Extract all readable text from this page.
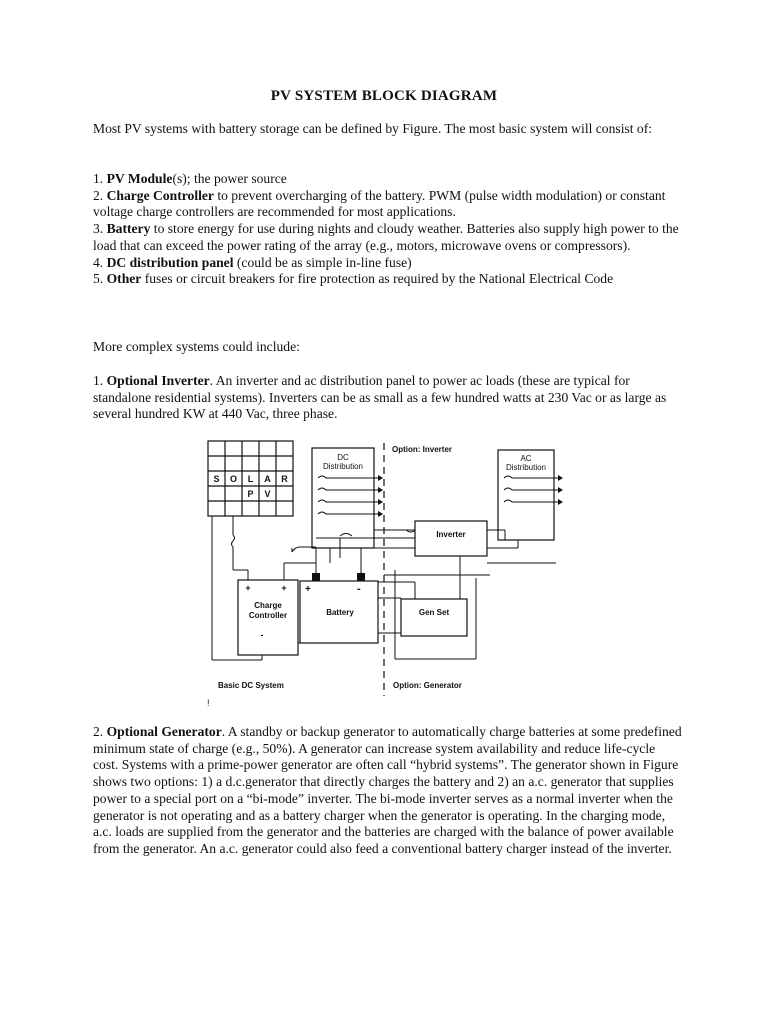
PV SYSTEM BLOCK DIAGRAM

Most PV systems with battery storage can be defined by Figure. The most basic system will consist of:

1. PV Module(s); the power source

2. Charge Controller to prevent overcharging of the battery. PWM (pulse width modulation) or constant voltage charge controllers are recommended for most applications.

3. Battery to store energy for use during nights and cloudy weather. Batteries also supply high power to the load that can exceed the power rating of the array (e.g., motors, microwave ovens or compressors).

4. DC distribution panel (could be as simple in-line fuse)

5. Other fuses or circuit breakers for fire protection as required by the National Electrical Code

More complex systems could include:

1. Optional Inverter. An inverter and ac distribution panel to power ac loads (these are typical for standalone residential systems). Inverters can be as small as a few hundred watts at 230 Vac or as large as several hundred KW at 440 Vac, three phase.

S O L A R
P V
DC
Distribution
Option: Inverter
AC
Distribution
Inverter
+	+
Charge
Controller
-
+	-
Battery	Gen Set
Basic DC System	Option: Generator
!

2. Optional Generator. A standby or backup generator to automatically charge batteries at some predefined minimum state of charge (e.g., 50%). A generator can increase system availability and reduce life-cycle cost. Systems with a prime-power generator are often call “hybrid systems”. The generator shown in Figure shows two options: 1) a d.c.generator that directly charges the battery and 2) an a.c. generator that supplies power to a special port on a “bi-mode” inverter. The bi-mode inverter serves as a normal inverter when the generator is not operating and as a battery charger when the generator is operating. In the charging mode, a.c. loads are supplied from the generator and the batteries are charged with the balance of power available from the generator. An a.c. generator could also feed a conventional battery charger instead of the inverter.
